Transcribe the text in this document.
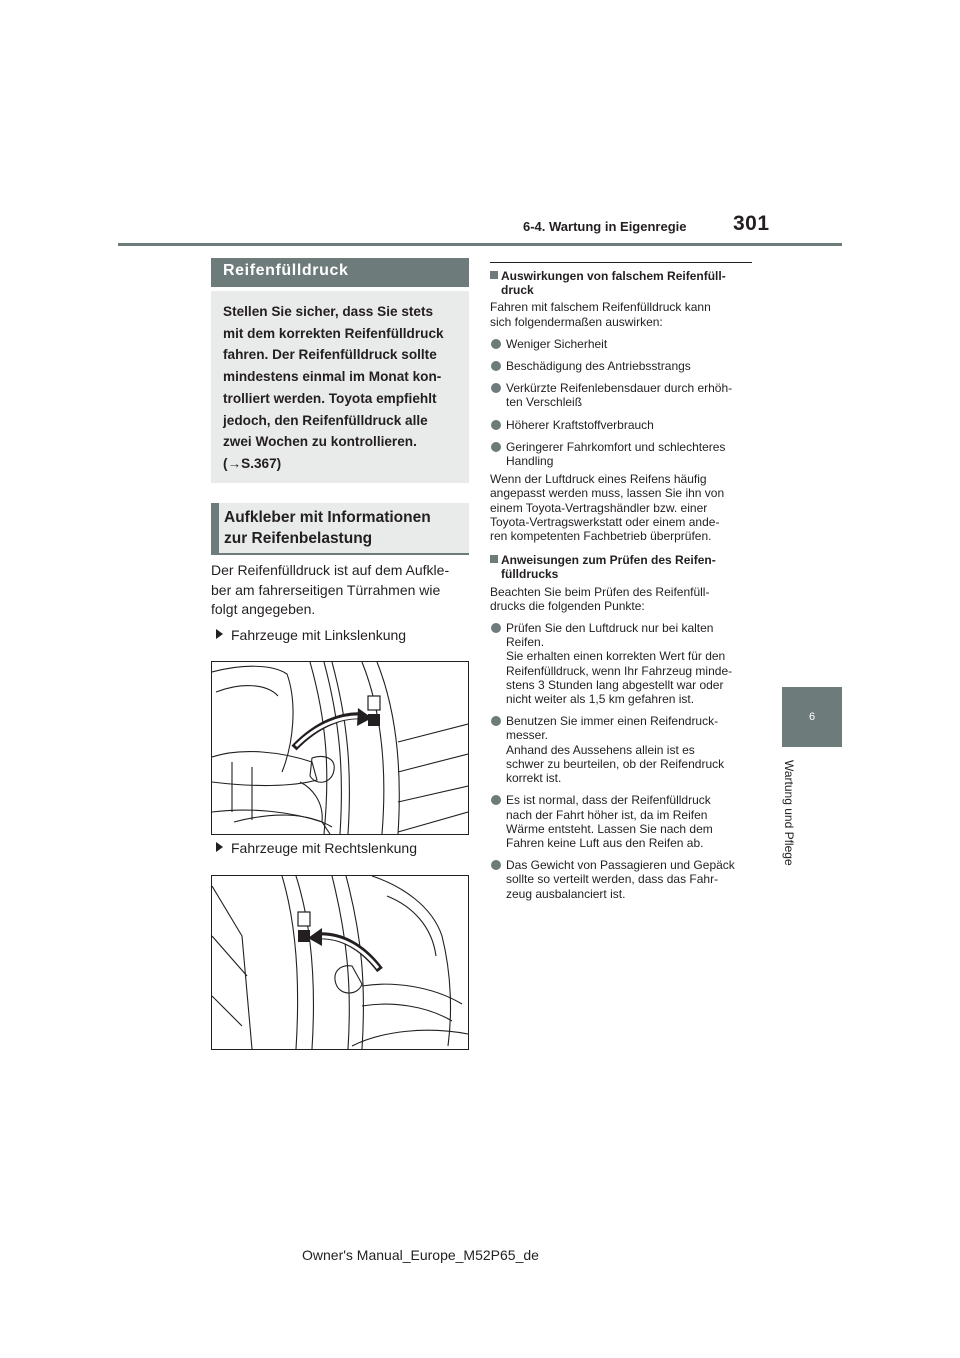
6-4. Wartung in Eigenregie 301
6
Wartung und Pflege
Reifenfülldruck
Stellen Sie sicher, dass Sie stets
mit dem korrekten Reifenfülldruck
fahren. Der Reifenfülldruck sollte
mindestens einmal im Monat kon-
trolliert werden. Toyota empfiehlt
jedoch, den Reifenfülldruck alle
zwei Wochen zu kontrollieren.
(→S.367)
Aufkleber mit Informationen
zur Reifenbelastung
Der Reifenfülldruck ist auf dem Aufkle-
ber am fahrerseitigen Türrahmen wie
folgt angegeben.
Fahrzeuge mit Linkslenkung
Fahrzeuge mit Rechtslenkung
Auswirkungen von falschem Reifenfüll-
druck
Fahren mit falschem Reifenfülldruck kann
sich folgendermaßen auswirken:
Weniger Sicherheit
Beschädigung des Antriebsstrangs
Verkürzte Reifenlebensdauer durch erhöh-
ten Verschleiß
Höherer Kraftstoffverbrauch
Geringerer Fahrkomfort und schlechteres
Handling
Wenn der Luftdruck eines Reifens häufig
angepasst werden muss, lassen Sie ihn von
einem Toyota-Vertragshändler bzw. einer
Toyota-Vertragswerkstatt oder einem ande-
ren kompetenten Fachbetrieb überprüfen.
Anweisungen zum Prüfen des Reifen-
fülldrucks
Beachten Sie beim Prüfen des Reifenfüll-
drucks die folgenden Punkte:
Prüfen Sie den Luftdruck nur bei kalten
Reifen.
Sie erhalten einen korrekten Wert für den
Reifenfülldruck, wenn Ihr Fahrzeug minde-
stens 3 Stunden lang abgestellt war oder
nicht weiter als 1,5 km gefahren ist.
Benutzen Sie immer einen Reifendruck-
messer.
Anhand des Aussehens allein ist es
schwer zu beurteilen, ob der Reifendruck
korrekt ist.
Es ist normal, dass der Reifenfülldruck
nach der Fahrt höher ist, da im Reifen
Wärme entsteht. Lassen Sie nach dem
Fahren keine Luft aus den Reifen ab.
Das Gewicht von Passagieren und Gepäck
sollte so verteilt werden, dass das Fahr-
zeug ausbalanciert ist.
Owner's Manual_Europe_M52P65_de
